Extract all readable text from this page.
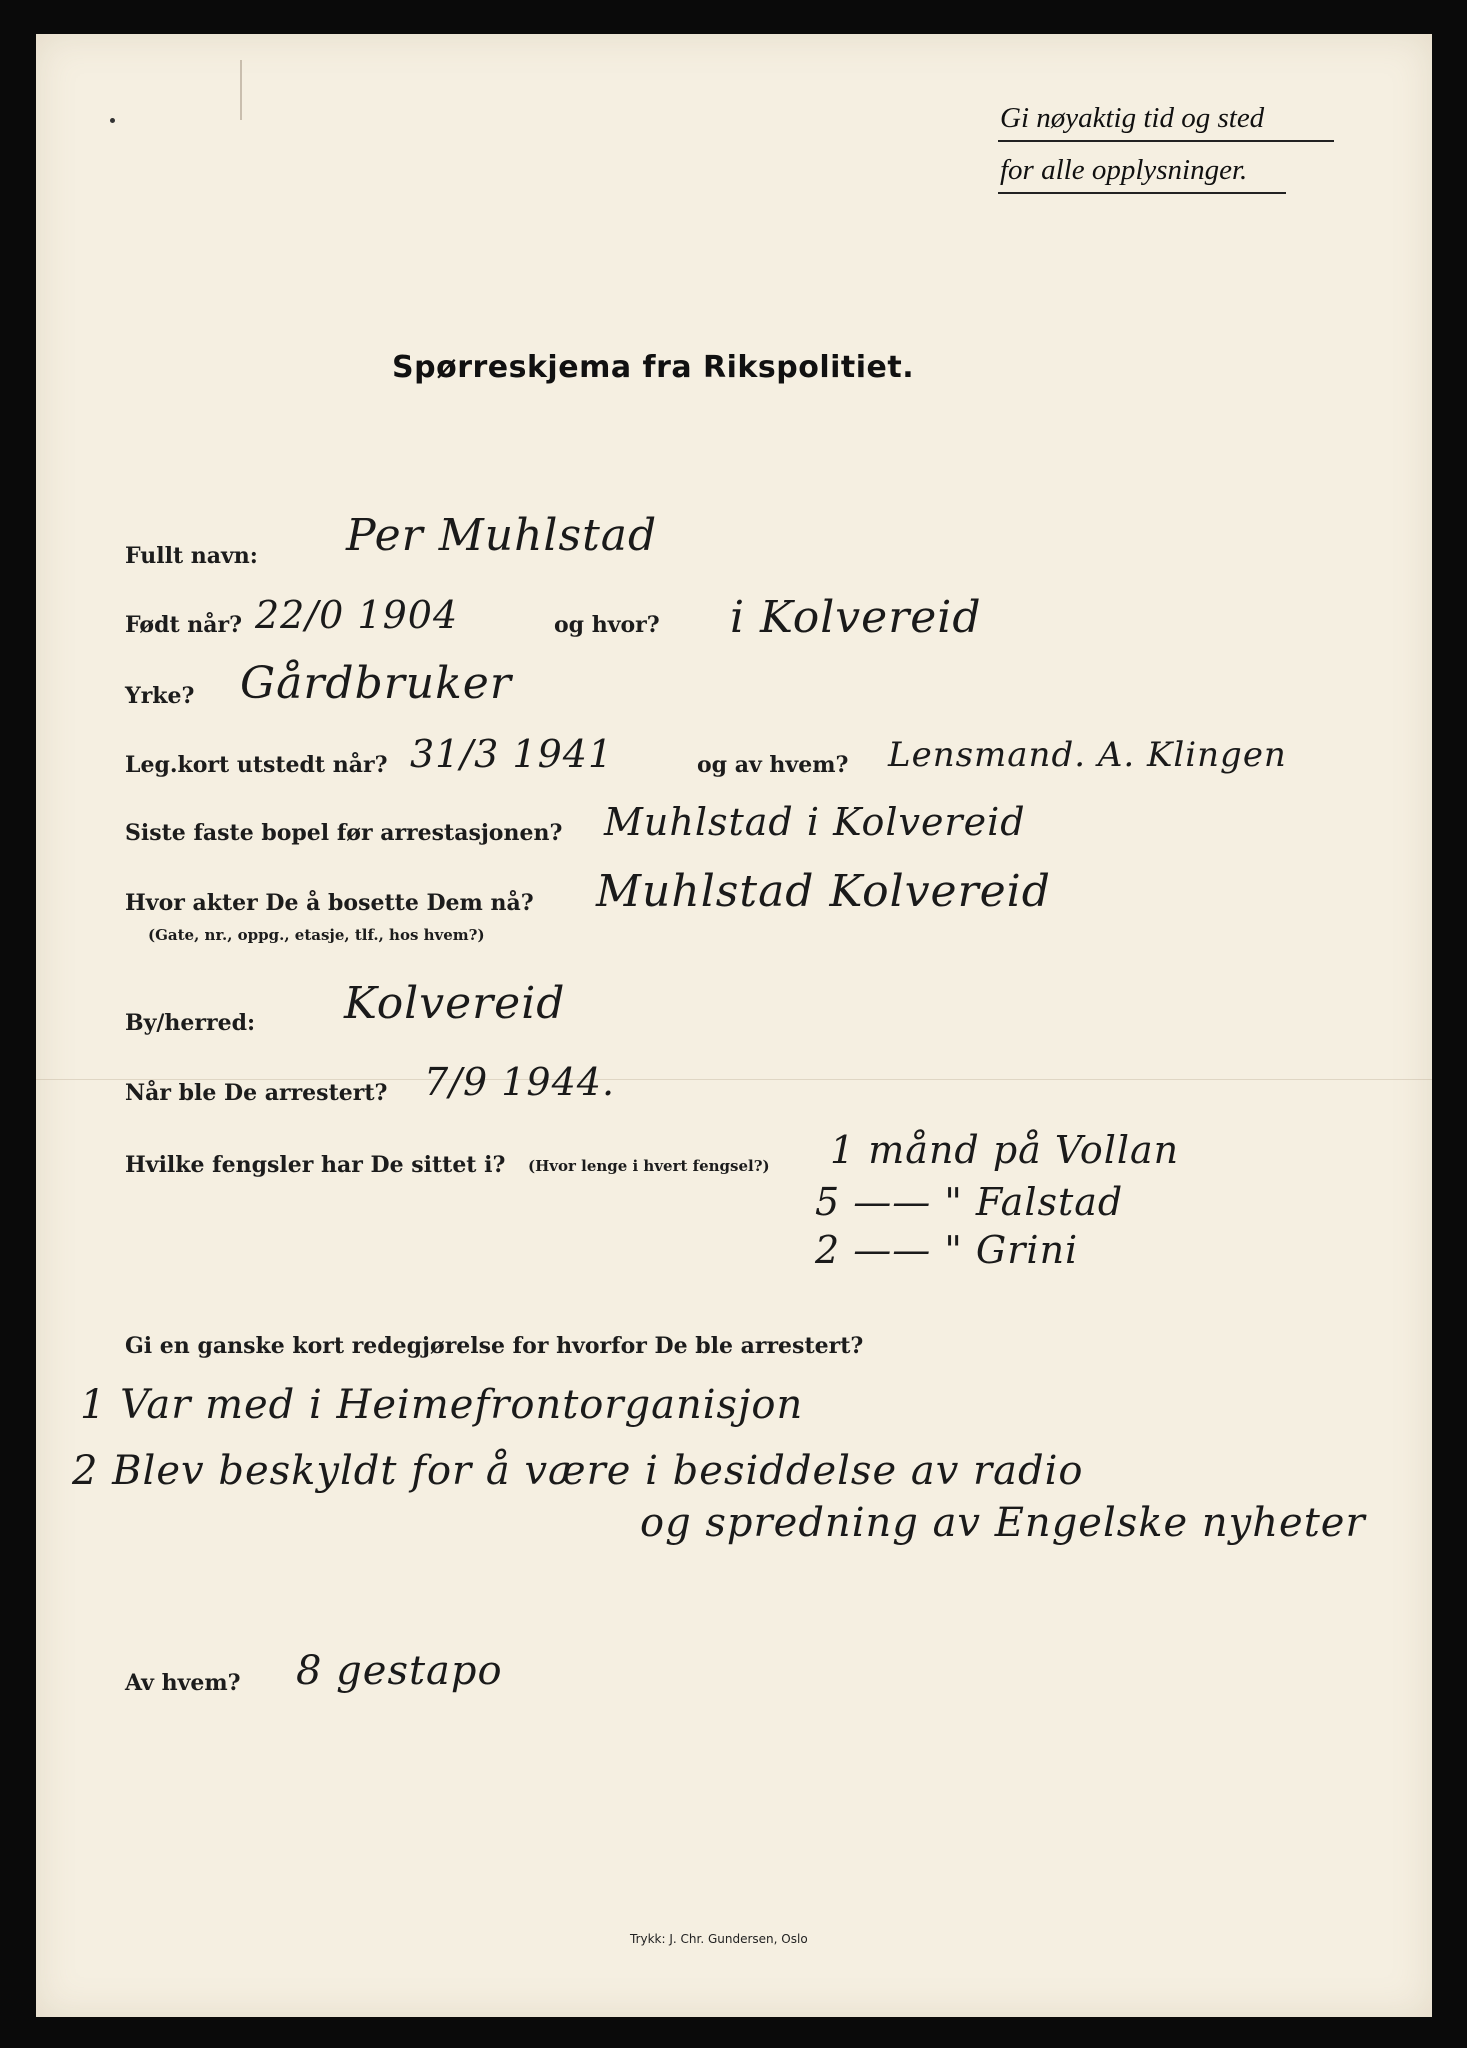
Gi nøyaktig tid og sted
for alle opplysninger.
Spørreskjema fra Rikspolitiet.
Fullt navn: Per Muhlstad
Født når? 22/0 1904	og hvor? i Kolvereid
Yrke? Gårdbruker
Leg.kort utstedt når? 31/3 1941	og av hvem? Lensmand. A. Klingen
Siste faste bopel før arrestasjonen? Muhlstad i Kolvereid
Hvor akter De å bosette Dem nå?
(Gate, nr., oppg., etasje, tlf., hos hvem?)
Muhlstad Kolvereid
By/herred: Kolvereid
Når ble De arrestert? 7/9 1944.
Hvilke fengsler har De sittet i? (Hvor lenge i hvert fengsel?) 1 månd på Vollan
5 —— " Falstad
2 —— " Grini
Gi en ganske kort redegjørelse for hvorfor De ble arrestert?
1 Var med i Heimefrontorganisjon
2 Blev beskyldt for å være i besiddelse av radio
og spredning av Engelske nyheter
Av hvem? 8 gestapo
Trykk: J. Chr. Gundersen, Oslo
